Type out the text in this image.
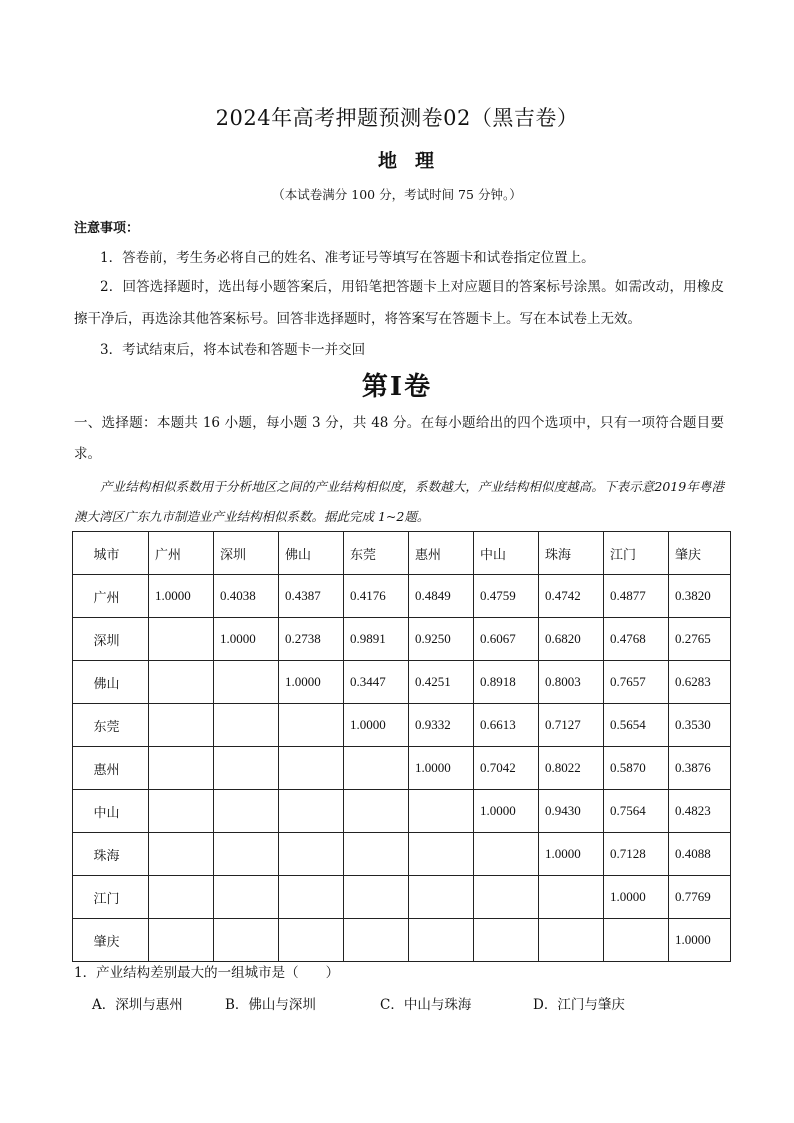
2024年高考押题预测卷02（黑吉卷）
地理
（本试卷满分 100 分，考试时间 75 分钟。）
注意事项：
1．答卷前，考生务必将自己的姓名、准考证号等填写在答题卡和试卷指定位置上。
2．回答选择题时，选出每小题答案后，用铅笔把答题卡上对应题目的答案标号涂黑。如需改动，用橡皮擦干净后，再选涂其他答案标号。回答非选择题时，将答案写在答题卡上。写在本试卷上无效。
3．考试结束后，将本试卷和答题卡一并交回
第I卷
一、选择题：本题共 16 小题，每小题 3 分，共 48 分。在每小题给出的四个选项中，只有一项符合题目要求。
产业结构相似系数用于分析地区之间的产业结构相似度，系数越大，产业结构相似度越高。下表示意2019年粤港澳大湾区广东九市制造业产业结构相似系数。据此完成 1~2题。
城市	广州	深圳	佛山	东莞	惠州	中山	珠海	江门	肇庆
广州	1.0000	0.4038	0.4387	0.4176	0.4849	0.4759	0.4742	0.4877	0.3820
深圳		1.0000	0.2738	0.9891	0.9250	0.6067	0.6820	0.4768	0.2765
佛山			1.0000	0.3447	0.4251	0.8918	0.8003	0.7657	0.6283
东莞				1.0000	0.9332	0.6613	0.7127	0.5654	0.3530
惠州					1.0000	0.7042	0.8022	0.5870	0.3876
中山						1.0000	0.9430	0.7564	0.4823
珠海							1.0000	0.7128	0.4088
江门								1.0000	0.7769
肇庆									1.0000
1．产业结构差别最大的一组城市是（　　）
A．深圳与惠州	B．佛山与深圳	C．中山与珠海	D．江门与肇庆
